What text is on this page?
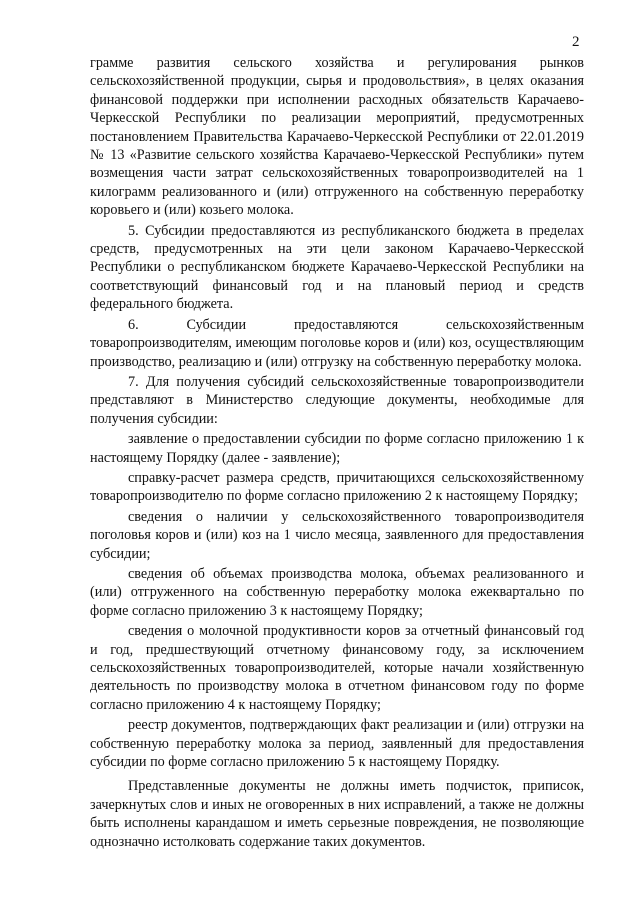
2

грамме развития сельского хозяйства и регулирования рынков сельскохозяйственной продукции, сырья и продовольствия», в целях оказания финансовой поддержки при исполнении расходных обязательств Карачаево-Черкесской Республики по реализации мероприятий, предусмотренных постановлением Правительства Карачаево-Черкесской Республики от 22.01.2019 № 13 «Развитие сельского хозяйства Карачаево-Черкесской Республики» путем возмещения части затрат сельскохозяйственных товаропроизводителей на 1 килограмм реализованного и (или) отгруженного на собственную переработку коровьего и (или) козьего молока.

5. Субсидии предоставляются из республиканского бюджета в пределах средств, предусмотренных на эти цели законом Карачаево-Черкесской Республики о республиканском бюджете Карачаево-Черкесской Республики на соответствующий финансовый год и на плановый период и средств федерального бюджета.

6. Субсидии предоставляются сельскохозяйственным товаропроизводителям, имеющим поголовье коров и (или) коз, осуществляющим производство, реализацию и (или) отгрузку на собственную переработку молока.

7. Для получения субсидий сельскохозяйственные товаропроизводители представляют в Министерство следующие документы, необходимые для получения субсидии:

заявление о предоставлении субсидии по форме согласно приложению 1 к настоящему Порядку (далее - заявление);

справку-расчет размера средств, причитающихся сельскохозяйственному товаропроизводителю по форме согласно приложению 2 к настоящему Порядку;

сведения о наличии у сельскохозяйственного товаропроизводителя поголовья коров и (или) коз на 1 число месяца, заявленного для предоставления субсидии;

сведения об объемах производства молока, объемах реализованного и (или) отгруженного на собственную переработку молока ежеквартально по форме согласно приложению 3 к настоящему Порядку;

сведения о молочной продуктивности коров за отчетный финансовый год и год, предшествующий отчетному финансовому году, за исключением сельскохозяйственных товаропроизводителей, которые начали хозяйственную деятельность по производству молока в отчетном финансовом году по форме согласно приложению 4 к настоящему Порядку;

реестр документов, подтверждающих факт реализации и (или) отгрузки на собственную переработку молока за период, заявленный для предоставления субсидии по форме согласно приложению 5 к настоящему Порядку.

Представленные документы не должны иметь подчисток, приписок, зачеркнутых слов и иных не оговоренных в них исправлений, а также не должны быть исполнены карандашом и иметь серьезные повреждения, не позволяющие однозначно истолковать содержание таких документов.
